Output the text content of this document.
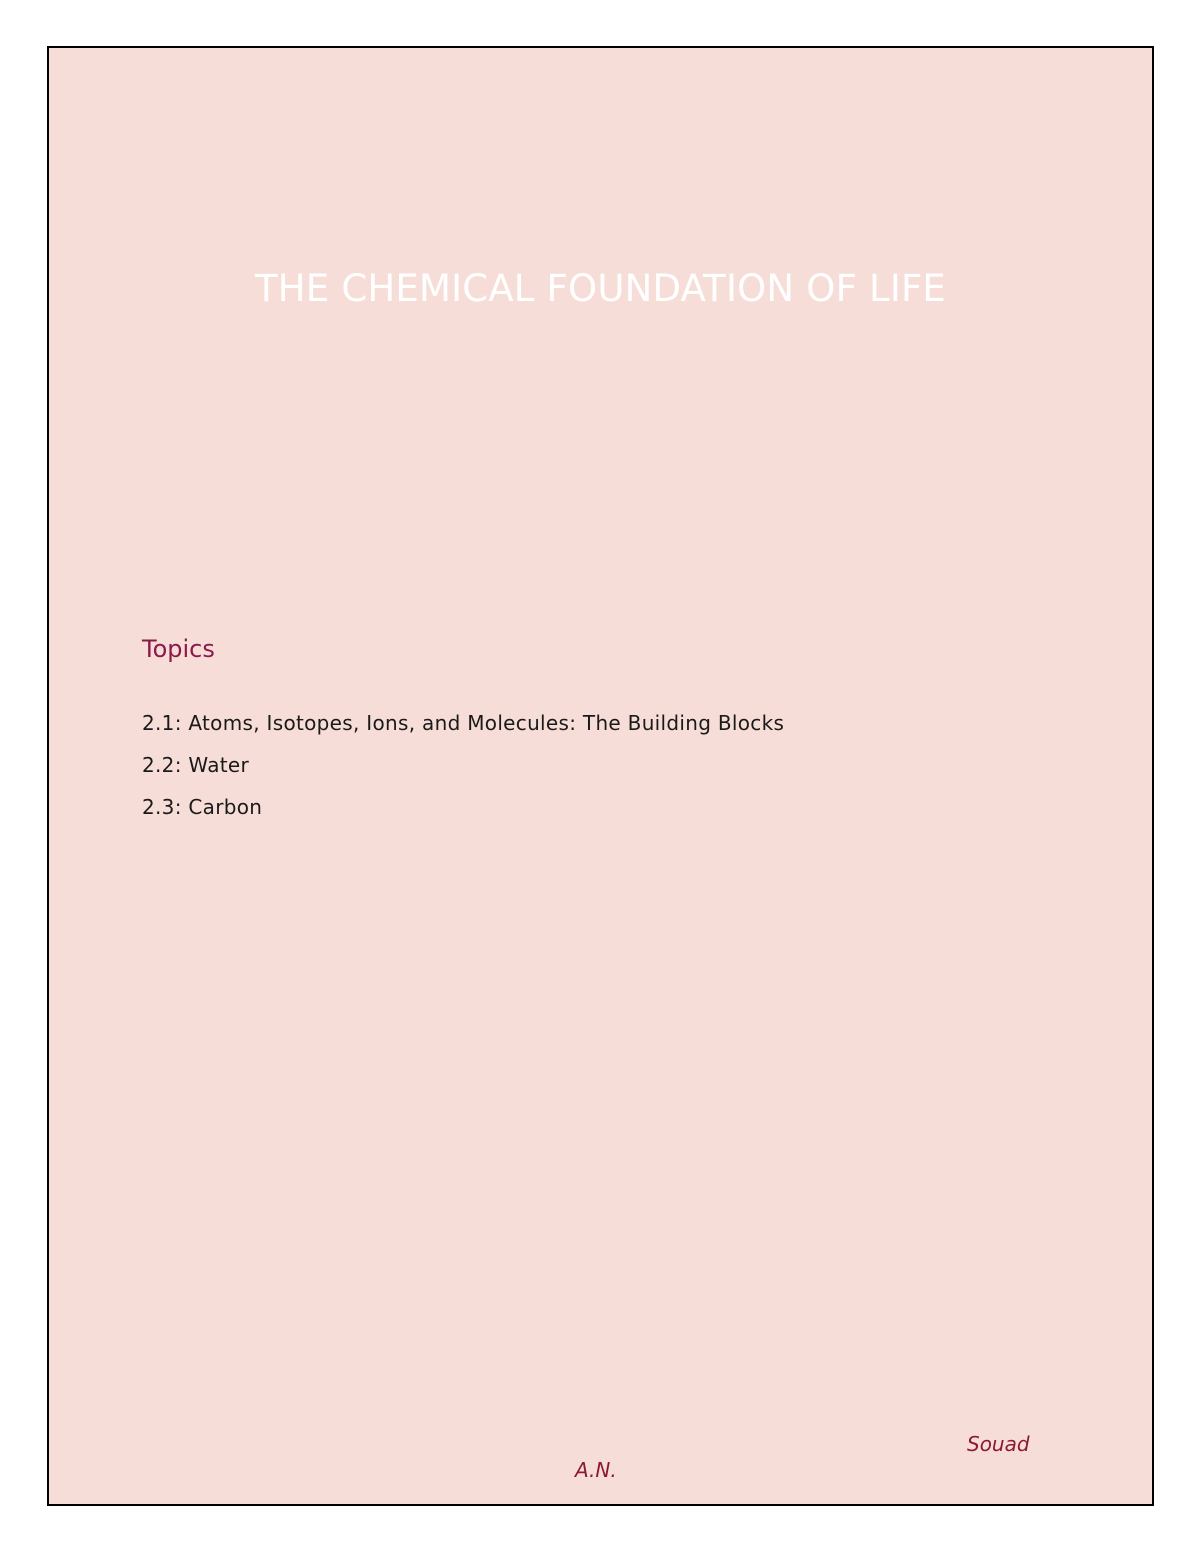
THE CHEMICAL FOUNDATION OF LIFE
Topics
2.1: Atoms, Isotopes, Ions, and Molecules: The Building Blocks
2.2: Water
2.3: Carbon
Souad
A.N.
